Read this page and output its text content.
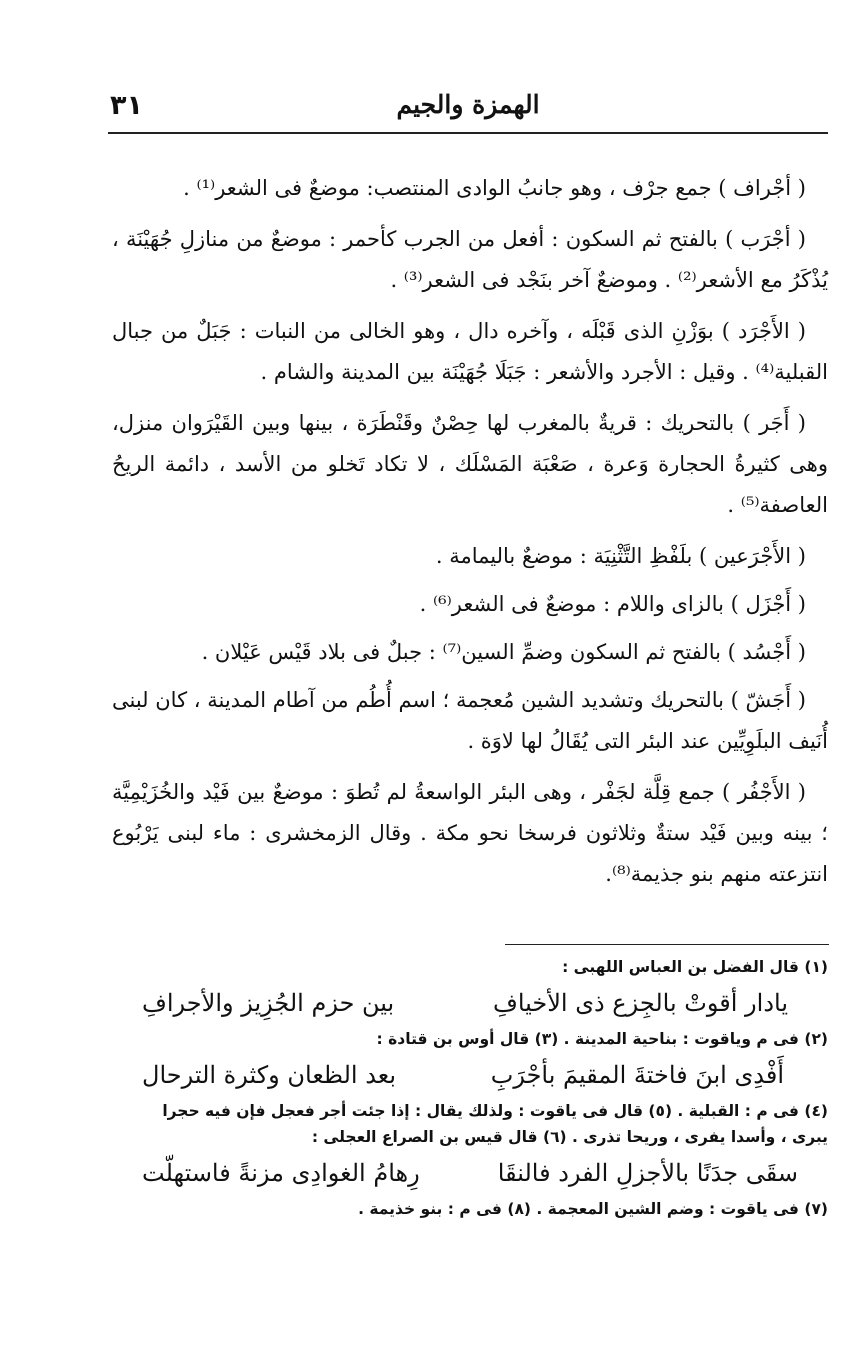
٣١	الهمزة والجيم

( أجْراف ) جمع جرْف ، وهو جانبُ الوادى المنتصب: موضعٌ فى الشعر⁽¹⁾ .

( أجْرَب ) بالفتح ثم السكون : أفعل من الجرب كأحمر : موضعٌ من منازلِ جُهَيْنَة ، يُذْكَرُ مع الأشعر⁽²⁾ . وموضعٌ آخر بنَجْد فى الشعر⁽³⁾ .

( الأَجْرَد ) بوَزْنِ الذى قَبْلَه ، وآخره دال ، وهو الخالى من النبات : جَبَلٌ من جبال القبلية⁽⁴⁾ . وقيل : الأجرد والأشعر : جَبَلَا جُهَيْنَة بين المدينة والشام .

( أَجَر ) بالتحريك : قريةٌ بالمغرب لها حِصْنٌ وقَنْطَرَة ، بينها وبين القَيْرَوان منزل، وهى كثيرةُ الحجارة وَعرة ، صَعْبَة المَسْلَك ، لا تكاد تَخلو من الأسد ، دائمة الريحُ العاصفة⁽⁵⁾ .

( الأَجْرَعين ) بلَفْظِ التَّثْنِيَة : موضعٌ باليمامة .

( أَجْزَل ) بالزاى واللام : موضعٌ فى الشعر⁽⁶⁾ .

( أَجْسُد ) بالفتح ثم السكون وضمِّ السين⁽⁷⁾ : جبلٌ فى بلاد قَيْس عَيْلان .

( أَجَشّ ) بالتحريك وتشديد الشين مُعجمة ؛ اسم أُطُم من آطام المدينة ، كان لبنى أُنَيف البلَوِيِّين عند البئر التى يُقَالُ لها لاوَة .

( الأَجْفُر ) جمع قِلَّة لجَفْر ، وهى البئر الواسعةُ لم تُطوَ : موضعٌ بين فَيْد والخُزَيْمِيَّة ؛ بينه وبين فَيْد ستةٌ وثلاثون فرسخا نحو مكة . وقال الزمخشرى : ماء لبنى يَرْبُوع انتزعته منهم بنو جذيمة⁽⁸⁾.

(١) قال الفضل بن العباس اللهبى :
يادار أقوتْ بالجِزع ذى الأخيافِ
بين حزم الجُزِيز والأجرافِ
(٢) فى م وياقوت : بناحية المدينة . (٣) قال أوس بن قتادة :
أَفْدِى ابنَ فاختةَ المقيمَ بأجْرَبِ
بعد الظعان وكثرة الترحال
(٤) فى م : القبلية . (٥) قال فى ياقوت : ولذلك يقال : إذا جئت أجر فعجل فإن فيه حجرا
يبرى ، وأسدا يفرى ، وريحا تذرى . (٦) قال قيس بن الصراع العجلى :
سقَى جدَنًا بالأجزلِ الفرد فالنقَا
رِهامُ الغوادِى مزنةً فاستهلّت
(٧) فى ياقوت : وضم الشين المعجمة . (٨) فى م : بنو خذيمة .
